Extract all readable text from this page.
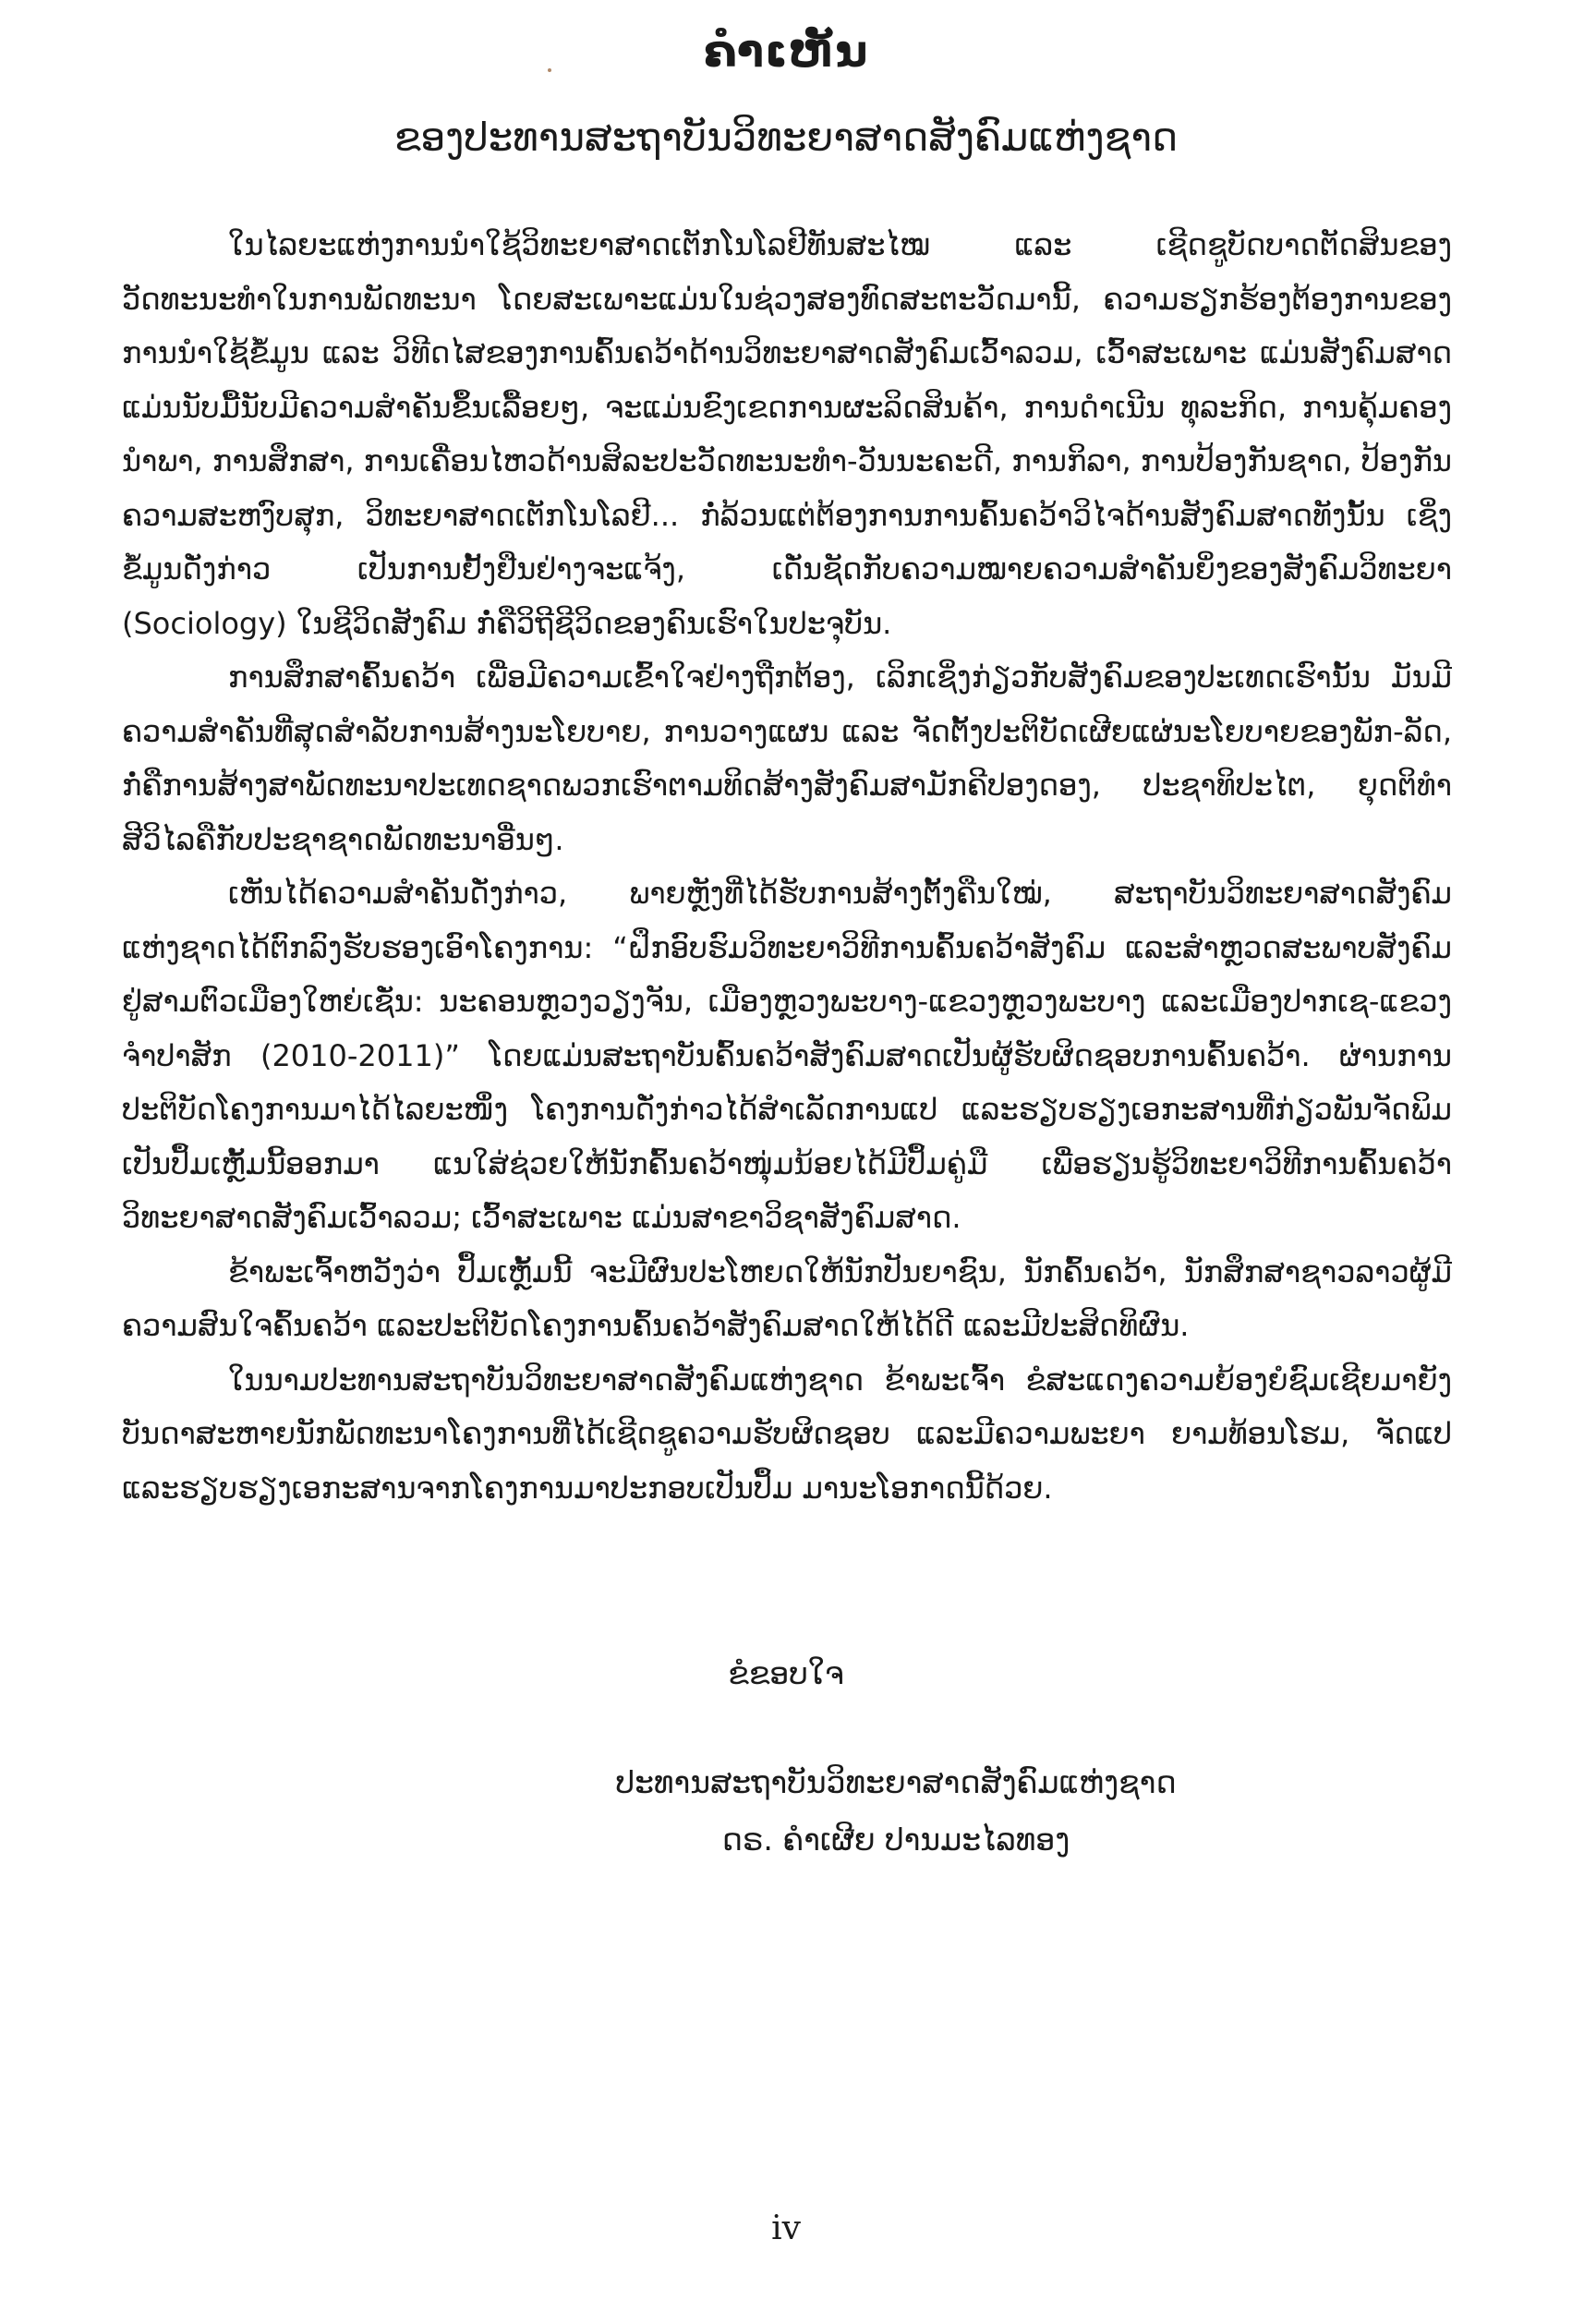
ຄຳເຫັນ
ຂອງປະທານສະຖາບັນວິທະຍາສາດສັງຄົມແຫ່ງຊາດ

ໃນໄລຍະແຫ່ງການນຳໃຊ້ວິທະຍາສາດເຕັກໂນໂລຢີທັນສະໄໝ ແລະ ເຊີດຊູບັດບາດຕັດສິນຂອງວັດທະນະທຳໃນການພັດທະນາ ໂດຍສະເພາະແມ່ນໃນຊ່ວງສອງທົດສະຕະວັດມານີ້, ຄວາມຮຽກຮ້ອງຕ້ອງການຂອງການນຳໃຊ້ຂໍ້ມູນ ແລະ ວິທີດໄສຂອງການຄົ້ນຄວ້າດ້ານວິທະຍາສາດສັງຄົມເວົ້າລວມ, ເວົ້າສະເພາະ ແມ່ນສັງຄົມສາດ ແມ່ນນັບມື້ນັບມີຄວາມສຳຄັນຂຶ້ນເລື້ອຍໆ, ຈະແມ່ນຂົງເຂດການຜະລິດສິນຄ້າ, ການດຳເນີນ ທຸລະກິດ, ການຄຸ້ມຄອງນຳພາ, ການສຶກສາ, ການເຄື່ອນໄຫວດ້ານສິລະປະວັດທະນະທຳ-ວັນນະຄະດີ, ການກິລາ, ການປ້ອງກັນຊາດ, ປ້ອງກັນຄວາມສະຫງົບສຸກ, ວິທະຍາສາດເຕັກໂນໂລຢີ... ກໍ່ລ້ວນແຕ່ຕ້ອງການການຄົ້ນຄວ້າວິໄຈດ້ານສັງຄົມສາດທັງນັ້ນ ເຊິ່ງຂໍ້ມູນດັ່ງກ່າວ ເປັນການຢັ້ງຢືນຢ່າງຈະແຈ້ງ, ເດັ່ນຊັດກັບຄວາມໝາຍຄວາມສຳຄັນຍິ່ງຂອງສັງຄົມວິທະຍາ (Sociology) ໃນຊີວິດສັງຄົມ ກໍ່ຄືວິຖີຊີວິດຂອງຄົນເຮົາໃນປະຈຸບັນ.

ການສຶກສາຄົ້ນຄວ້າ ເພື່ອມີຄວາມເຂົ້າໃຈຢ່າງຖືກຕ້ອງ, ເລິກເຊິ່ງກ່ຽວກັບສັງຄົມຂອງປະເທດເຮົານັ້ນ ມັນມີຄວາມສຳຄັນທີ່ສຸດສຳລັບການສ້າງນະໂຍບາຍ, ການວາງແຜນ ແລະ ຈັດຕັ້ງປະຕິບັດເຜີຍແຜ່ນະໂຍບາຍຂອງພັກ-ລັດ, ກໍ່ຄືການສ້າງສາພັດທະນາປະເທດຊາດພວກເຮົາຕາມທິດສ້າງສັງຄົມສາມັກຄີປອງດອງ, ປະຊາທິປະໄຕ, ຍຸດຕິທຳສີວິໄລຄືກັບປະຊາຊາດພັດທະນາອື່ນໆ.

ເຫັນໄດ້ຄວາມສຳຄັນດັ່ງກ່າວ, ພາຍຫຼັງທີ່ໄດ້ຮັບການສ້າງຕັ້ງຄືນໃໝ່, ສະຖາບັນວິທະຍາສາດສັງຄົມແຫ່ງຊາດໄດ້ຕົກລົງຮັບຮອງເອົາໂຄງການ: “ຝຶກອົບຮົມວິທະຍາວິທີການຄົ້ນຄວ້າສັງຄົມ ແລະສຳຫຼວດສະພາບສັງຄົມຢູ່ສາມຕົວເມືອງໃຫຍ່ເຊັ່ນ: ນະຄອນຫຼວງວຽງຈັນ, ເມືອງຫຼວງພະບາງ-ແຂວງຫຼວງພະບາງ ແລະເມືອງປາກເຊ-ແຂວງຈຳປາສັກ (2010-2011)” ໂດຍແມ່ນສະຖາບັນຄົ້ນຄວ້າສັງຄົມສາດເປັນຜູ້ຮັບຜິດຊອບການຄົ້ນຄວ້າ. ຜ່ານການປະຕິບັດໂຄງການມາໄດ້ໄລຍະໜຶ່ງ ໂຄງການດັ່ງກ່າວໄດ້ສຳເລັດການແປ ແລະຮຽບຮຽງເອກະສານທີ່ກ່ຽວພັນຈັດພິມເປັນປຶ້ມເຫຼັ້ມນີ້ອອກມາ ແນໃສ່ຊ່ວຍໃຫ້ນັກຄົ້ນຄວ້າໜຸ່ມນ້ອຍໄດ້ມີປຶ້ມຄູ່ມື ເພື່ອຮຽນຮູ້ວິທະຍາວິທີການຄົ້ນຄວ້າວິທະຍາສາດສັງຄົມເວົ້າລວມ; ເວົ້າສະເພາະ ແມ່ນສາຂາວິຊາສັງຄົມສາດ.

ຂ້າພະເຈົ້າຫວັງວ່າ ປຶ້ມເຫຼັ້ມນີ້ ຈະມີຜົນປະໂຫຍດໃຫ້ນັກປັນຍາຊົນ, ນັກຄົ້ນຄວ້າ, ນັກສຶກສາຊາວລາວຜູ້ມີຄວາມສົນໃຈຄົ້ນຄວ້າ ແລະປະຕິບັດໂຄງການຄົ້ນຄວ້າສັງຄົມສາດໃຫ້ໄດ້ດີ ແລະມີປະສິດທິຜົນ.

ໃນນາມປະທານສະຖາບັນວິທະຍາສາດສັງຄົມແຫ່ງຊາດ ຂ້າພະເຈົ້າ ຂໍສະແດງຄວາມຍ້ອງຍໍຊົມເຊີຍມາຍັງບັນດາສະຫາຍນັກພັດທະນາໂຄງການທີ່ໄດ້ເຊີດຊູຄວາມຮັບຜິດຊອບ ແລະມີຄວາມພະຍາ ຍາມທ້ອນໂຮມ, ຈັດແປ ແລະຮຽບຮຽງເອກະສານຈາກໂຄງການມາປະກອບເປັນປຶ້ມ ມານະໂອກາດນີ້ດ້ວຍ.

ຂໍຂອບໃຈ
ປະທານສະຖາບັນວິທະຍາສາດສັງຄົມແຫ່ງຊາດ
ດຣ. ຄຳເຜີຍ ປານມະໄລທອງ
iv
